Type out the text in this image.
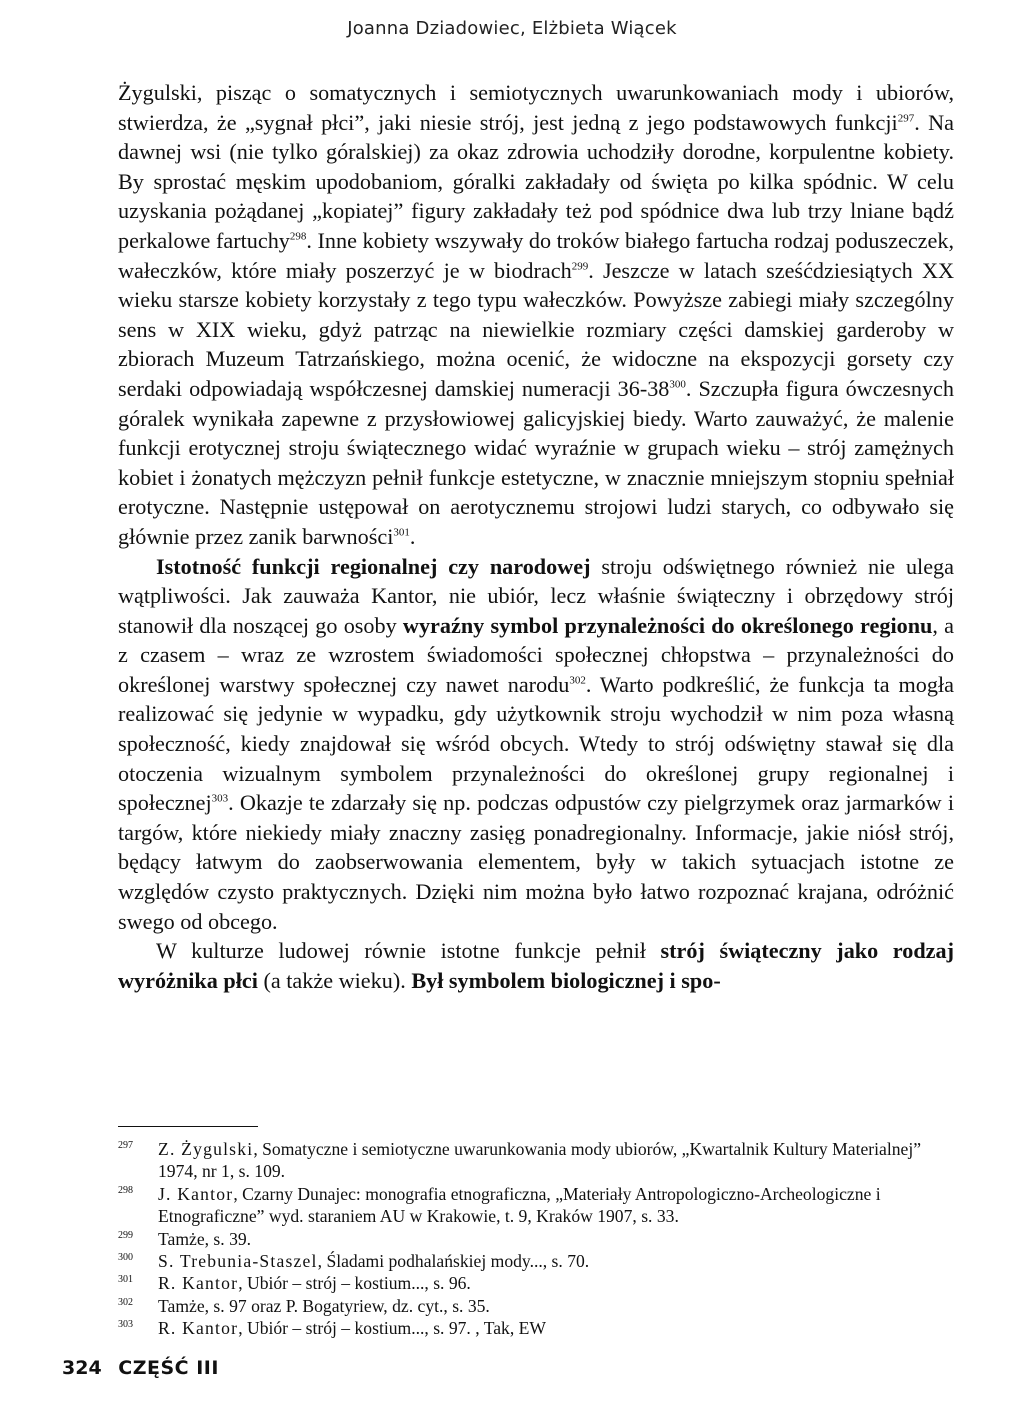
Joanna Dziadowiec, Elżbieta Wiącek

Żygulski, pisząc o somatycznych i semiotycznych uwarunkowaniach mody i ubiorów, stwierdza, że „sygnał płci”, jaki niesie strój, jest jedną z jego podstawowych funkcji$^{297}$. Na dawnej wsi (nie tylko góralskiej) za okaz zdrowia uchodziły dorodne, korpulentne kobiety. By sprostać męskim upodobaniom, góralki zakładały od święta po kilka spódnic. W celu uzyskania pożądanej „kopiatej” figury zakładały też pod spódnice dwa lub trzy lniane bądź perkalowe fartuchy$^{298}$. Inne kobiety wszywały do troków białego fartucha rodzaj poduszeczek, wałeczków, które miały poszerzyć je w biodrach$^{299}$. Jeszcze w latach sześćdziesiątych XX wieku starsze kobiety korzystały z tego typu wałeczków. Powyższe zabiegi miały szczególny sens w XIX wieku, gdyż patrząc na niewielkie rozmiary części damskiej garderoby w zbiorach Muzeum Tatrzańskiego, można ocenić, że widoczne na ekspozycji gorsety czy serdaki odpowiadają współczesnej damskiej numeracji $36-38^{300}$. Szczupła figura ówczesnych góralek wynikała zapewne z przysłowiowej galicyjskiej biedy. Warto zauważyć, że malenie funkcji erotycznej stroju świątecznego widać wyraźnie w grupach wieku – strój zamężnych kobiet i żonatych mężczyzn pełnił funkcje estetyczne, w znacznie mniejszym stopniu spełniał erotyczne. Następnie ustępował on aerotycznemu strojowi ludzi starych, co odbywało się głównie przez zanik barwności$^{301}$.

Istotność funkcji regionalnej czy narodowej stroju odświętnego również nie ulega wątpliwości. Jak zauważa Kantor, nie ubiór, lecz właśnie świąteczny i obrzędowy strój stanowił dla noszącej go osoby wyraźny symbol przynależności do określonego regionu, a z czasem – wraz ze wzrostem świadomości społecznej chłopstwa – przynależności do określonej warstwy społecznej czy nawet narodu$^{302}$. Warto podkreślić, że funkcja ta mogła realizować się jedynie w wypadku, gdy użytkownik stroju wychodził w nim poza własną społeczność, kiedy znajdował się wśród obcych. Wtedy to strój odświętny stawał się dla otoczenia wizualnym symbolem przynależności do określonej grupy regionalnej i społecznej$^{303}$. Okazje te zdarzały się np. podczas odpustów czy pielgrzymek oraz jarmarków i targów, które niekiedy miały znaczny zasięg ponadregionalny. Informacje, jakie niósł strój, będący łatwym do zaobserwowania elementem, były w takich sytuacjach istotne ze względów czysto praktycznych. Dzięki nim można było łatwo rozpoznać krajana, odróżnić swego od obcego.

W kulturze ludowej równie istotne funkcje pełnił strój świąteczny jako rodzaj wyróżnika płci (a także wieku). Był symbolem biologicznej i spo-

297	Z. Żygulski, Somatyczne i semiotyczne uwarunkowania mody ubiorów, „Kwartalnik Kultury Materialnej” 1974, nr 1, s. 109.
298	J. Kantor, Czarny Dunajec: monografia etnograficzna, „Materiały Antropologiczno-Archeologiczne i Etnograficzne” wyd. staraniem AU w Krakowie, t. 9, Kraków 1907, s. 33.
299	Tamże, s. 39.
300	S. Trebunia-Staszel, Śladami podhalańskiej mody..., s. 70.
301	R. Kantor, Ubiór – strój – kostium..., s. 96.
302	Tamże, s. 97 oraz P. Bogatyriew, dz. cyt., s. 35.
303	R. Kantor, Ubiór – strój – kostium..., s. 97. , Tak, EW
324 CZĘŚĆ III
